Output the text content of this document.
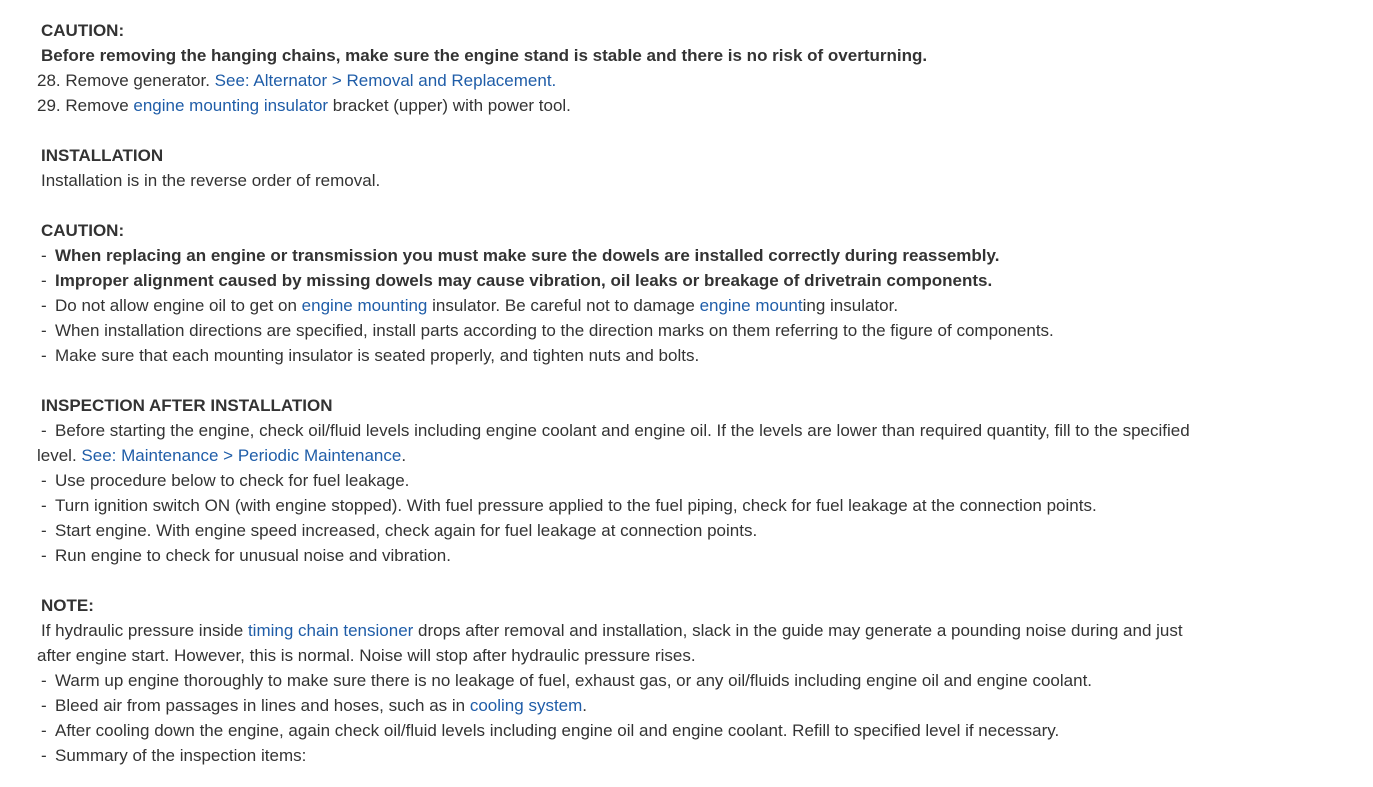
CAUTION:

Before removing the hanging chains, make sure the engine stand is stable and there is no risk of overturning.

28. Remove generator. See: Alternator > Removal and Replacement.

29. Remove engine mounting insulator bracket (upper) with power tool.

INSTALLATION

Installation is in the reverse order of removal.

CAUTION:

- When replacing an engine or transmission you must make sure the dowels are installed correctly during reassembly.

- Improper alignment caused by missing dowels may cause vibration, oil leaks or breakage of drivetrain components.

- Do not allow engine oil to get on engine mounting insulator. Be careful not to damage engine mounting insulator.

- When installation directions are specified, install parts according to the direction marks on them referring to the figure of components.

- Make sure that each mounting insulator is seated properly, and tighten nuts and bolts.

INSPECTION AFTER INSTALLATION

- Before starting the engine, check oil/fluid levels including engine coolant and engine oil. If the levels are lower than required quantity, fill to the specified

level. See: Maintenance > Periodic Maintenance.

- Use procedure below to check for fuel leakage.

- Turn ignition switch ON (with engine stopped). With fuel pressure applied to the fuel piping, check for fuel leakage at the connection points.

- Start engine. With engine speed increased, check again for fuel leakage at connection points.

- Run engine to check for unusual noise and vibration.

NOTE:

If hydraulic pressure inside timing chain tensioner drops after removal and installation, slack in the guide may generate a pounding noise during and just

after engine start. However, this is normal. Noise will stop after hydraulic pressure rises.

- Warm up engine thoroughly to make sure there is no leakage of fuel, exhaust gas, or any oil/fluids including engine oil and engine coolant.

- Bleed air from passages in lines and hoses, such as in cooling system.

- After cooling down the engine, again check oil/fluid levels including engine oil and engine coolant. Refill to specified level if necessary.

- Summary of the inspection items:
